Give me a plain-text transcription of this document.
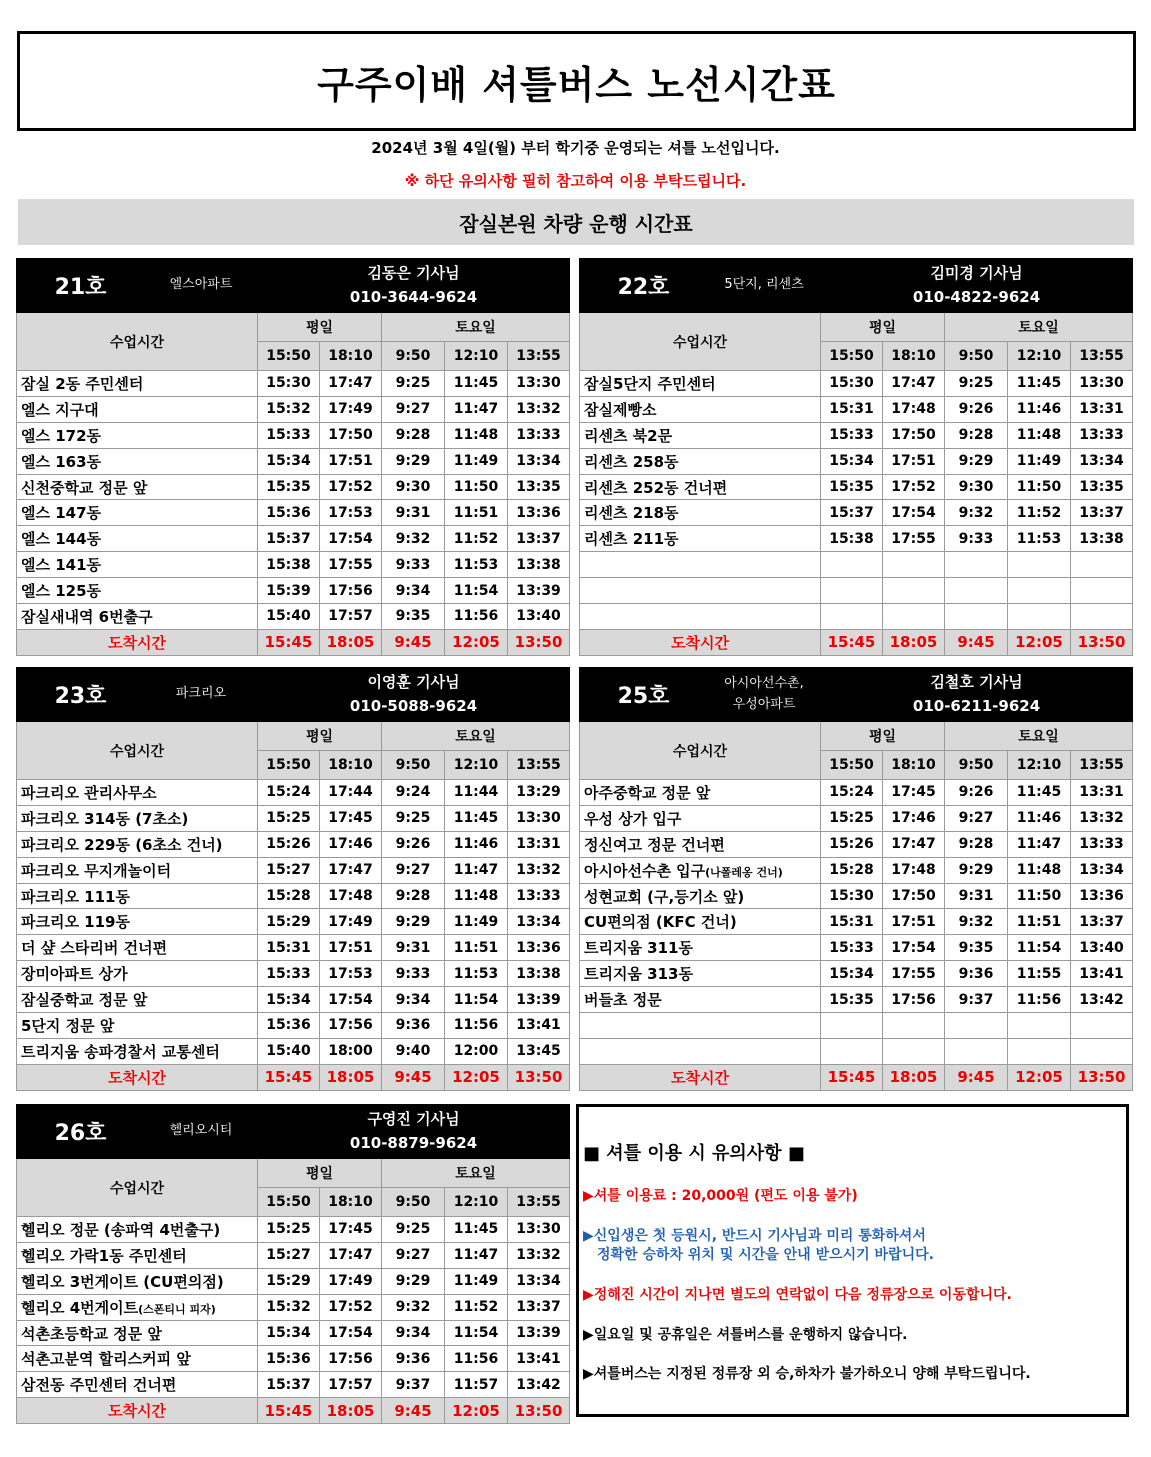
구주이배 셔틀버스 노선시간표
2024년 3월 4일(월) 부터 학기중 운영되는 셔틀 노선입니다.
※ 하단 유의사항 필히 참고하여 이용 부탁드립니다.
잠실본원 차량 운행 시간표
21호	엘스아파트	김동은 기사님
010-3644-9624				
수업시간		평일		토요일		
		15:50	18:10	9:50	12:10	13:55
잠실 2동 주민센터		15:30	17:47	9:25	11:45	13:30
엘스 지구대		15:32	17:49	9:27	11:47	13:32
엘스 172동		15:33	17:50	9:28	11:48	13:33
엘스 163동		15:34	17:51	9:29	11:49	13:34
신천중학교 정문 앞		15:35	17:52	9:30	11:50	13:35
엘스 147동		15:36	17:53	9:31	11:51	13:36
엘스 144동		15:37	17:54	9:32	11:52	13:37
엘스 141동		15:38	17:55	9:33	11:53	13:38
엘스 125동		15:39	17:56	9:34	11:54	13:39
잠실새내역 6번출구		15:40	17:57	9:35	11:56	13:40
도착시간		15:45	18:05	9:45	12:05	13:50
22호	5단지, 리센츠	김미경 기사님
010-4822-9624				
수업시간		평일		토요일		
		15:50	18:10	9:50	12:10	13:55
잠실5단지 주민센터		15:30	17:47	9:25	11:45	13:30
잠실제빵소		15:31	17:48	9:26	11:46	13:31
리센츠 북2문		15:33	17:50	9:28	11:48	13:33
리센츠 258동		15:34	17:51	9:29	11:49	13:34
리센츠 252동 건너편		15:35	17:52	9:30	11:50	13:35
리센츠 218동		15:37	17:54	9:32	11:52	13:37
리센츠 211동		15:38	17:55	9:33	11:53	13:38

도착시간		15:45	18:05	9:45	12:05	13:50
23호	파크리오	이영훈 기사님
010-5088-9624				
수업시간		평일		토요일		
		15:50	18:10	9:50	12:10	13:55
파크리오 관리사무소		15:24	17:44	9:24	11:44	13:29
파크리오 314동 (7초소)		15:25	17:45	9:25	11:45	13:30
파크리오 229동 (6초소 건너)		15:26	17:46	9:26	11:46	13:31
파크리오 무지개놀이터		15:27	17:47	9:27	11:47	13:32
파크리오 111동		15:28	17:48	9:28	11:48	13:33
파크리오 119동		15:29	17:49	9:29	11:49	13:34
더 샾 스타리버 건너편		15:31	17:51	9:31	11:51	13:36
장미아파트 상가		15:33	17:53	9:33	11:53	13:38
잠실중학교 정문 앞		15:34	17:54	9:34	11:54	13:39
5단지 정문 앞		15:36	17:56	9:36	11:56	13:41
트리지움 송파경찰서 교통센터		15:40	18:00	9:40	12:00	13:45
도착시간		15:45	18:05	9:45	12:05	13:50
25호	아시아선수촌,
우성아파트	김철호 기사님
010-6211-9624				
수업시간		평일		토요일		
		15:50	18:10	9:50	12:10	13:55
아주중학교 정문 앞		15:24	17:45	9:26	11:45	13:31
우성 상가 입구		15:25	17:46	9:27	11:46	13:32
정신여고 정문 건너편		15:26	17:47	9:28	11:47	13:33
아시아선수촌 입구(나폴레옹 건너)		15:28	17:48	9:29	11:48	13:34
성현교회 (구,등기소 앞)		15:30	17:50	9:31	11:50	13:36
CU편의점 (KFC 건너)		15:31	17:51	9:32	11:51	13:37
트리지움 311동		15:33	17:54	9:35	11:54	13:40
트리지움 313동		15:34	17:55	9:36	11:55	13:41
버들초 정문		15:35	17:56	9:37	11:56	13:42

도착시간		15:45	18:05	9:45	12:05	13:50
26호	헬리오시티	구영진 기사님
010-8879-9624				
수업시간		평일		토요일		
		15:50	18:10	9:50	12:10	13:55
헬리오 정문 (송파역 4번출구)		15:25	17:45	9:25	11:45	13:30
헬리오 가락1동 주민센터		15:27	17:47	9:27	11:47	13:32
헬리오 3번게이트 (CU편의점)		15:29	17:49	9:29	11:49	13:34
헬리오 4번게이트(스폰티니 피자)		15:32	17:52	9:32	11:52	13:37
석촌초등학교 정문 앞		15:34	17:54	9:34	11:54	13:39
석촌고분역 할리스커피 앞		15:36	17:56	9:36	11:56	13:41
삼전동 주민센터 건너편		15:37	17:57	9:37	11:57	13:42
도착시간		15:45	18:05	9:45	12:05	13:50
■ 셔틀 이용 시 유의사항 ■
▶셔틀 이용료 : 20,000원 (편도 이용 불가)
▶신입생은 첫 등원시, 반드시 기사님과 미리 통화하셔서
정확한 승하차 위치 및 시간을 안내 받으시기 바랍니다.
▶정해진 시간이 지나면 별도의 연락없이 다음 정류장으로 이동합니다.
▶일요일 및 공휴일은 셔틀버스를 운행하지 않습니다.
▶셔틀버스는 지정된 정류장 외 승,하차가 불가하오니 양해 부탁드립니다.
